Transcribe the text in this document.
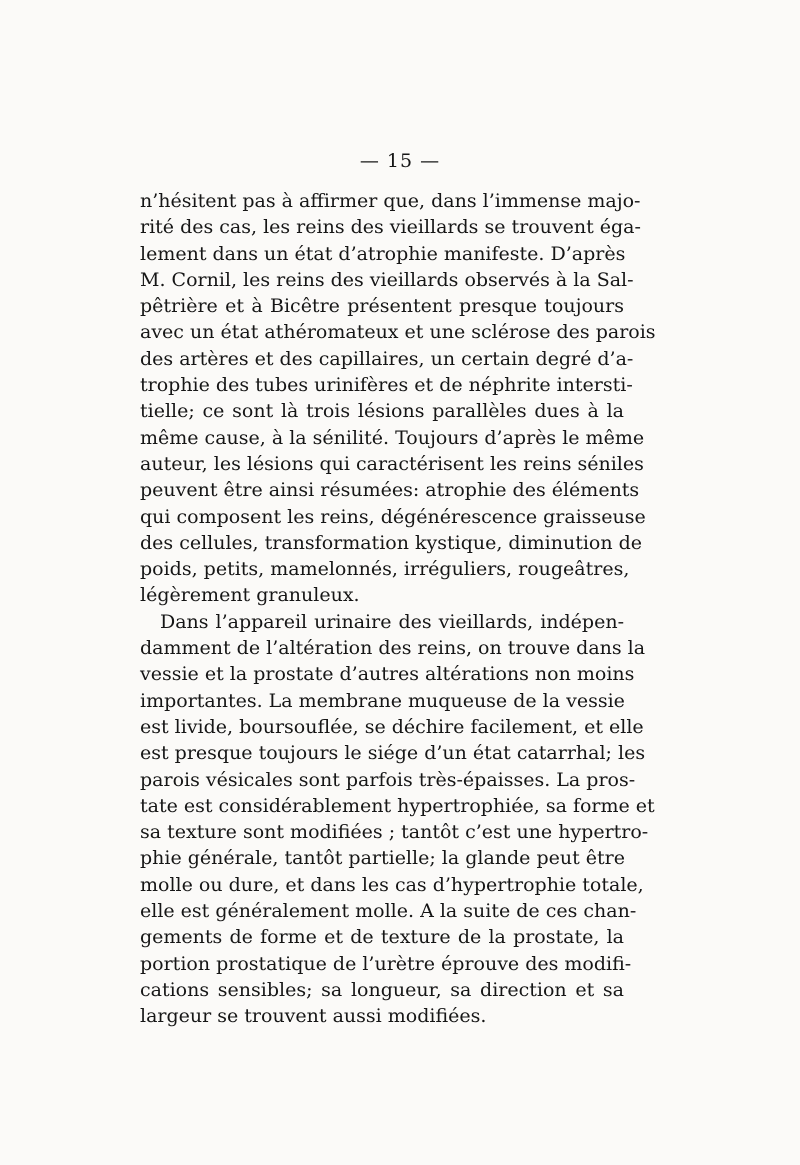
— 15 —
n’hésitent pas à affirmer que, dans l’immense majo-
rité des cas, les reins des vieillards se trouvent éga-
lement dans un état d’atrophie manifeste. D’après
M. Cornil, les reins des vieillards observés à la Sal-
pêtrière et à Bicêtre présentent presque toujours
avec un état athéromateux et une sclérose des parois
des artères et des capillaires, un certain degré d’a-
trophie des tubes urinifères et de néphrite intersti-
tielle; ce sont là trois lésions parallèles dues à la
même cause, à la sénilité. Toujours d’après le même
auteur, les lésions qui caractérisent les reins séniles
peuvent être ainsi résumées: atrophie des éléments
qui composent les reins, dégénérescence graisseuse
des cellules, transformation kystique, diminution de
poids, petits, mamelonnés, irréguliers, rougeâtres,
légèrement granuleux.
Dans l’appareil urinaire des vieillards, indépen-
damment de l’altération des reins, on trouve dans la
vessie et la prostate d’autres altérations non moins
importantes. La membrane muqueuse de la vessie
est livide, boursouflée, se déchire facilement, et elle
est presque toujours le siége d’un état catarrhal; les
parois vésicales sont parfois très-épaisses. La pros-
tate est considérablement hypertrophiée, sa forme et
sa texture sont modifiées ; tantôt c’est une hypertro-
phie générale, tantôt partielle; la glande peut être
molle ou dure, et dans les cas d’hypertrophie totale,
elle est généralement molle. A la suite de ces chan-
gements de forme et de texture de la prostate, la
portion prostatique de l’urètre éprouve des modifi-
cations sensibles; sa longueur, sa direction et sa
largeur se trouvent aussi modifiées.
